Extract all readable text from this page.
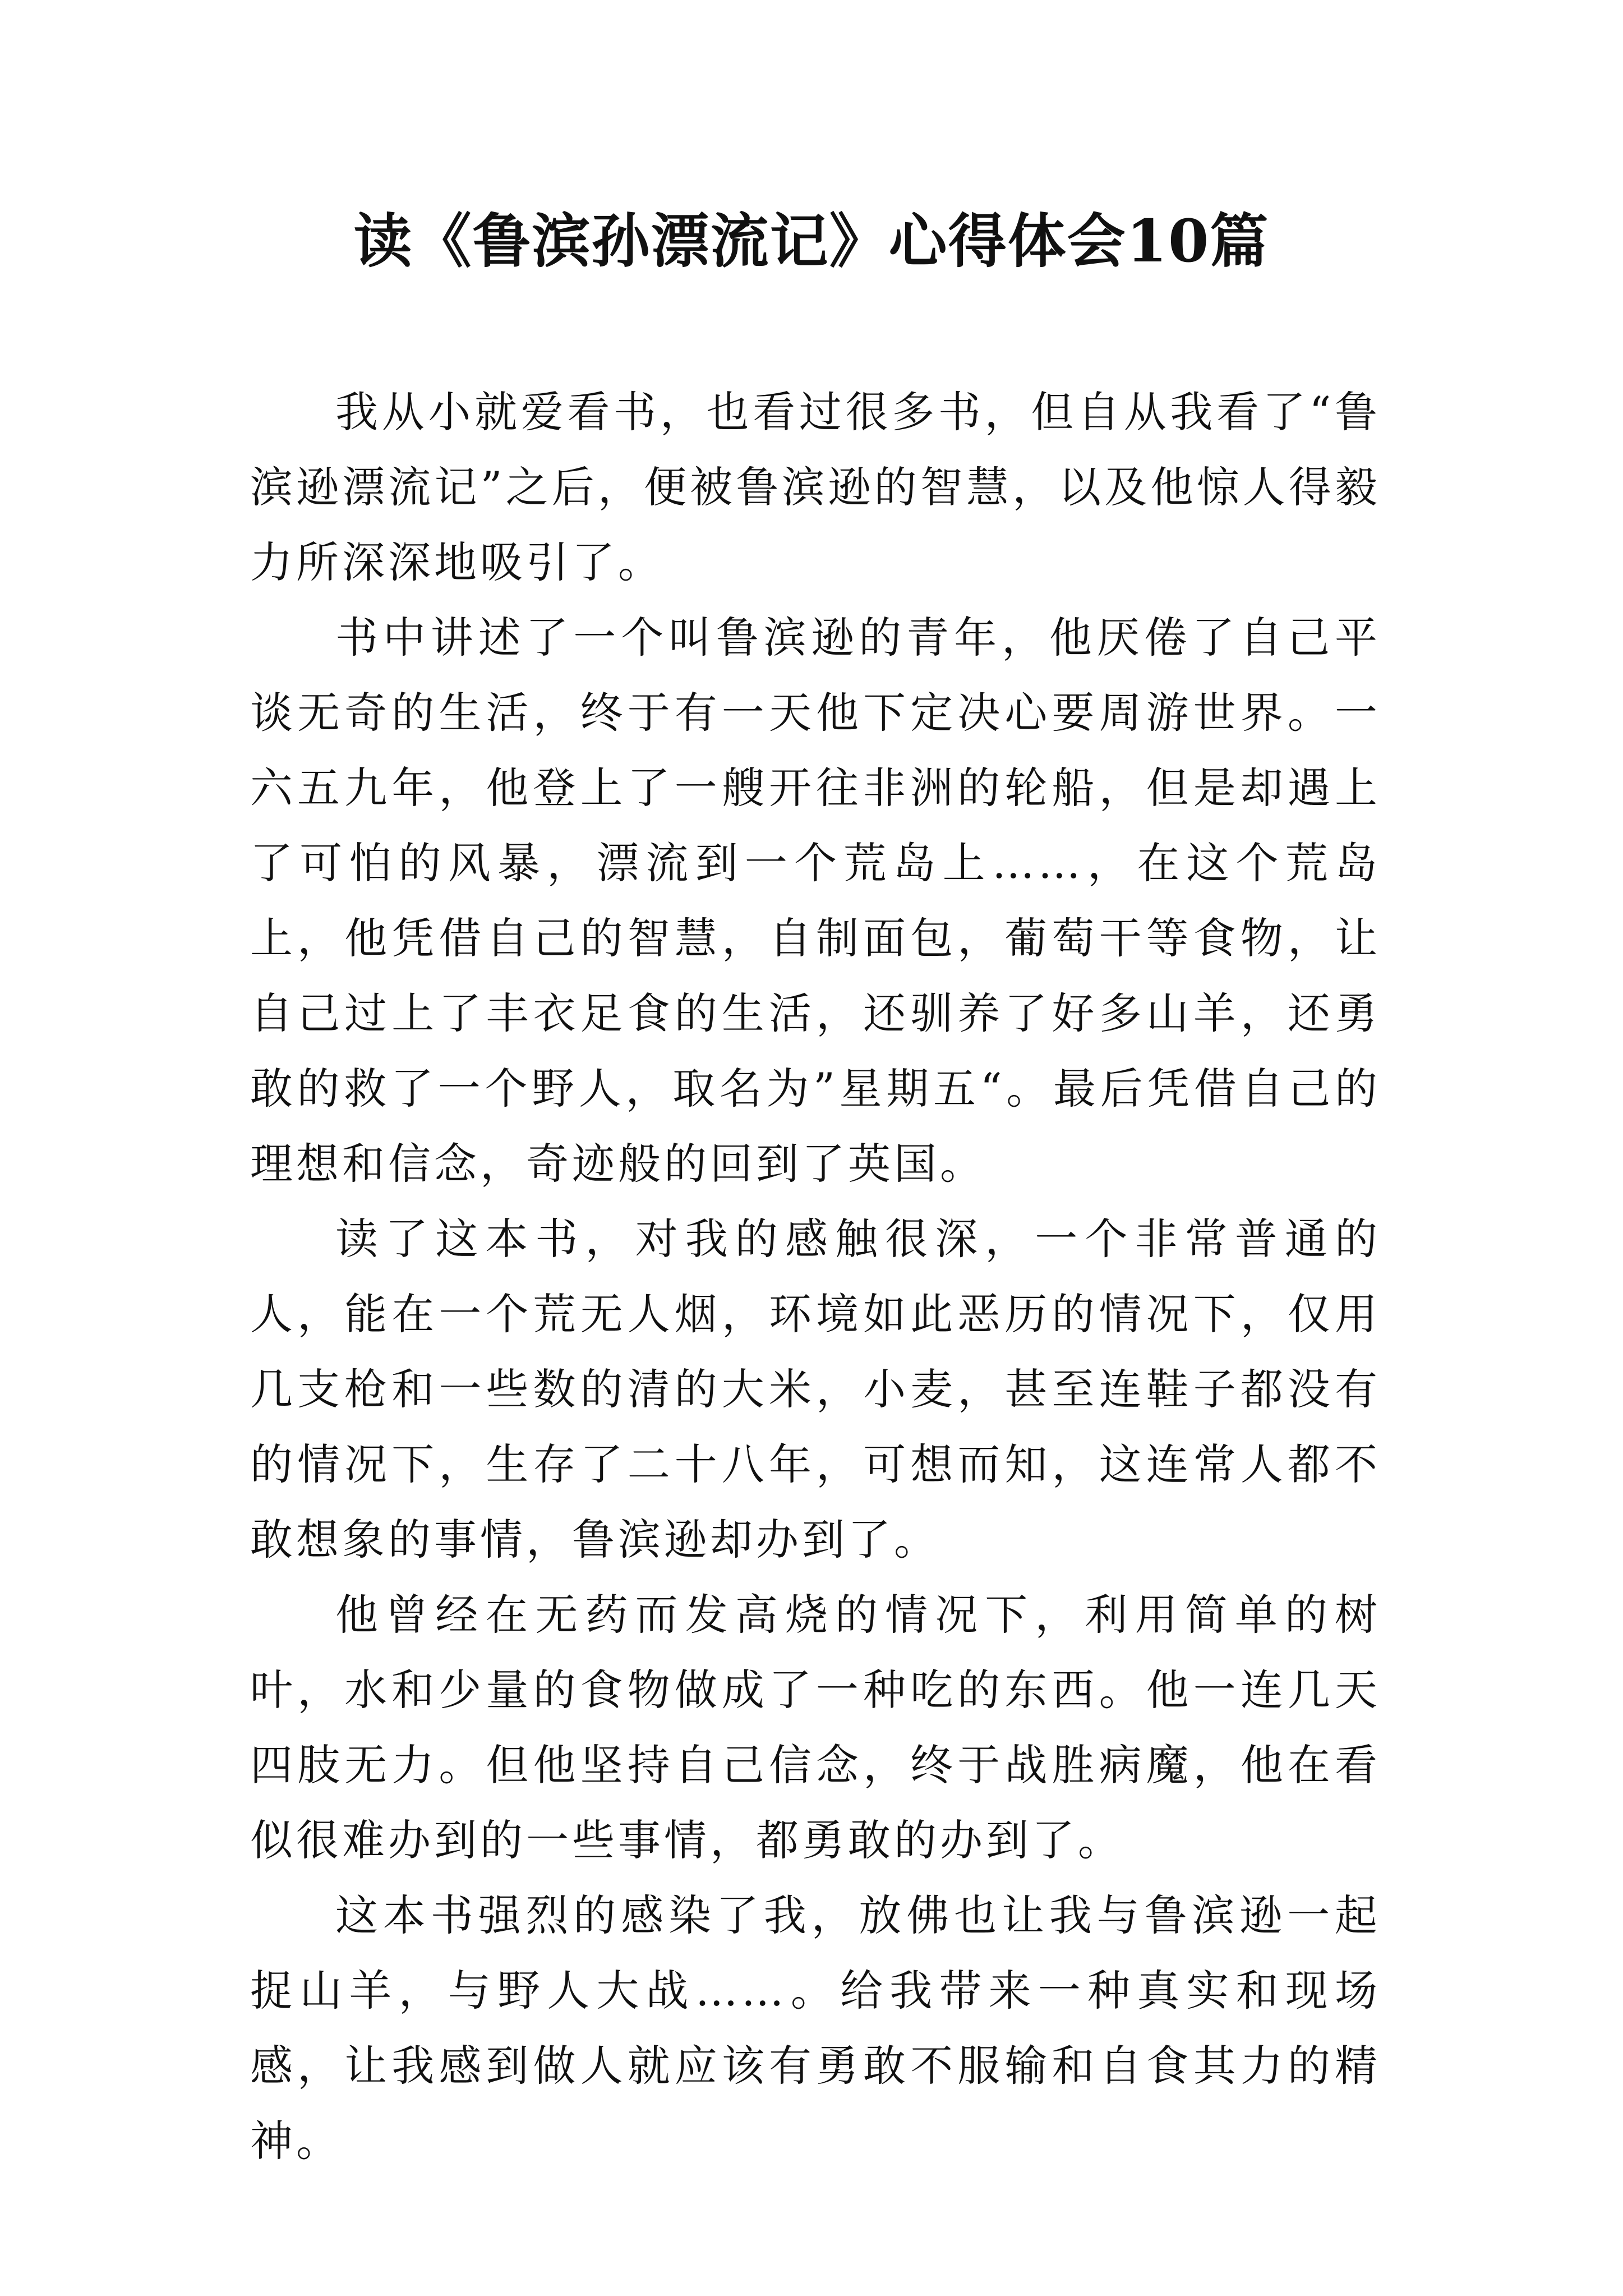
读《鲁滨孙漂流记》心得体会10篇

我从小就爱看书，也看过很多书，但自从我看了“鲁滨逊漂流记”之后，便被鲁滨逊的智慧，以及他惊人得毅力所深深地吸引了。

书中讲述了一个叫鲁滨逊的青年，他厌倦了自己平谈无奇的生活，终于有一天他下定决心要周游世界。一六五九年，他登上了一艘开往非洲的轮船，但是却遇上了可怕的风暴，漂流到一个荒岛上……，在这个荒岛上，他凭借自己的智慧，自制面包，葡萄干等食物，让自己过上了丰衣足食的生活，还驯养了好多山羊，还勇敢的救了一个野人，取名为”星期五“。最后凭借自己的理想和信念，奇迹般的回到了英国。

读了这本书，对我的感触很深，一个非常普通的人，能在一个荒无人烟，环境如此恶历的情况下，仅用几支枪和一些数的清的大米，小麦，甚至连鞋子都没有的情况下，生存了二十八年，可想而知，这连常人都不敢想象的事情，鲁滨逊却办到了。

他曾经在无药而发高烧的情况下，利用简单的树叶，水和少量的食物做成了一种吃的东西。他一连几天四肢无力。但他坚持自己信念，终于战胜病魔，他在看似很难办到的一些事情，都勇敢的办到了。

这本书强烈的感染了我，放佛也让我与鲁滨逊一起捉山羊，与野人大战……。给我带来一种真实和现场感，让我感到做人就应该有勇敢不服输和自食其力的精神。
